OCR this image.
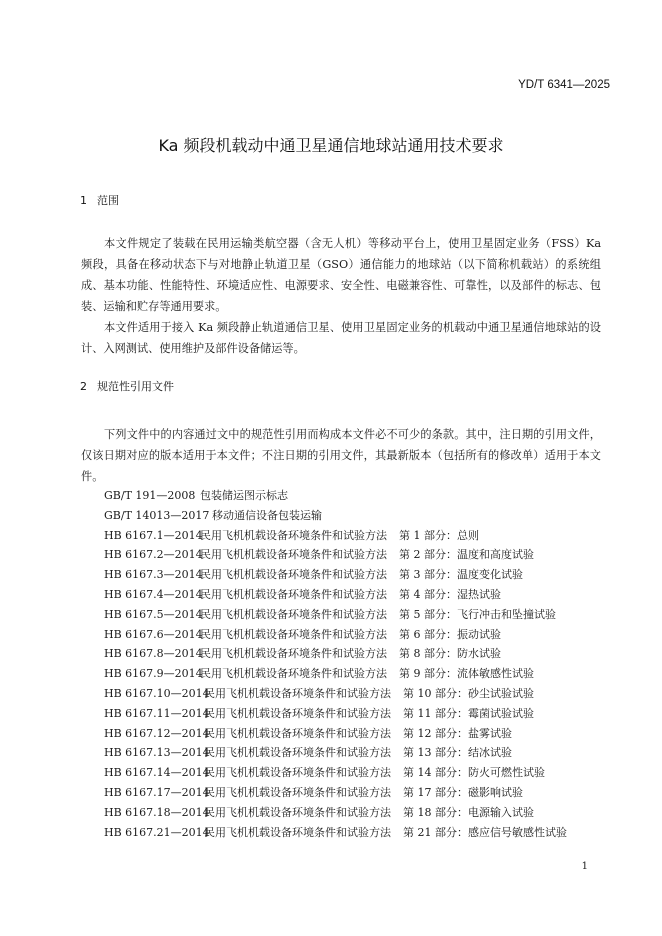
YD/T 6341—2025
Ka 频段机载动中通卫星通信地球站通用技术要求
1 范围

本文件规定了装载在民用运输类航空器（含无人机）等移动平台上，使用卫星固定业务（FSS）Ka 频段，具备在移动状态下与对地静止轨道卫星（GSO）通信能力的地球站（以下简称机载站）的系统组成、基本功能、性能特性、环境适应性、电源要求、安全性、电磁兼容性、可靠性，以及部件的标志、包装、运输和贮存等通用要求。

本文件适用于接入 Ka 频段静止轨道通信卫星、使用卫星固定业务的机载动中通卫星通信地球站的设计、入网测试、使用维护及部件设备储运等。

2 规范性引用文件

下列文件中的内容通过文中的规范性引用而构成本文件必不可少的条款。其中，注日期的引用文件，仅该日期对应的版本适用于本文件；不注日期的引用文件，其最新版本（包括所有的修改单）适用于本文件。

GB/T 191—2008 包装储运图示标志
GB/T 14013—2017 移动通信设备包装运输
HB 6167.1—2014民用飞机机载设备环境条件和试验方法 第 1 部分：总则
HB 6167.2—2014民用飞机机载设备环境条件和试验方法 第 2 部分：温度和高度试验
HB 6167.3—2014民用飞机机载设备环境条件和试验方法 第 3 部分：温度变化试验
HB 6167.4—2014民用飞机机载设备环境条件和试验方法 第 4 部分：湿热试验
HB 6167.5—2014民用飞机机载设备环境条件和试验方法 第 5 部分：飞行冲击和坠撞试验
HB 6167.6—2014民用飞机机载设备环境条件和试验方法 第 6 部分：振动试验
HB 6167.8—2014民用飞机机载设备环境条件和试验方法 第 8 部分：防水试验
HB 6167.9—2014民用飞机机载设备环境条件和试验方法 第 9 部分：流体敏感性试验
HB 6167.10—2014民用飞机机载设备环境条件和试验方法 第 10 部分：砂尘试验试验
HB 6167.11—2014民用飞机机载设备环境条件和试验方法 第 11 部分：霉菌试验试验
HB 6167.12—2014民用飞机机载设备环境条件和试验方法 第 12 部分：盐雾试验
HB 6167.13—2014民用飞机机载设备环境条件和试验方法 第 13 部分：结冰试验
HB 6167.14—2014民用飞机机载设备环境条件和试验方法 第 14 部分：防火可燃性试验
HB 6167.17—2014民用飞机机载设备环境条件和试验方法 第 17 部分：磁影响试验
HB 6167.18—2014民用飞机机载设备环境条件和试验方法 第 18 部分：电源输入试验
HB 6167.21—2014民用飞机机载设备环境条件和试验方法 第 21 部分：感应信号敏感性试验
1
